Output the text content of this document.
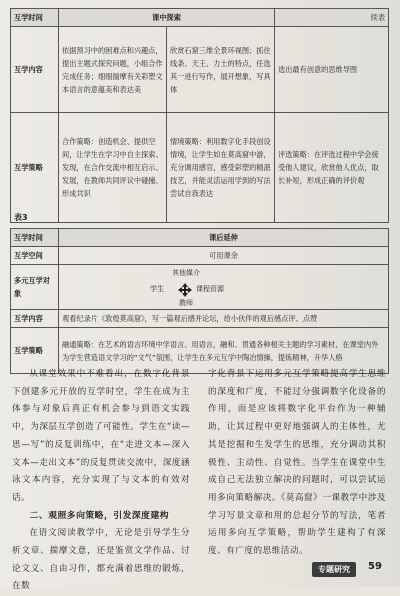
互学时间	课中探索		续表
互学内容	依据预习中的困难点和兴趣点，提出主题式探究问题，小组合作完成任务；细细揣摩有关彩塑文本语言的意蕴美和表达美	欣赏石窟三维全景环视图；抓住线条、天王、力士的特点，任选其一进行写作，展开想象，写具体	选出最有创意的思维导图
互学策略	合作策略：创造机会、提供空间，让学生在学习中自主探索、发现，在合作交流中相互启示、发展，在教师共同评议中碰撞、形成共识	情境策略：利用数字化手段创设情境，让学生如在莫高窟中游，充分调用感官，感受彩塑的精湛技艺，并能灵活运用学到的写法尝试自我表达	评选策略：在评选过程中学会接受他人建议，欣赏他人优点，取长补短，形成正确的评价观
表3
互学时间	课后延伸
互学空间	可用课余
多元互学对象	其他媒介
学生 课程资源
教师

互学内容	观看纪录片《敦煌莫高窟》，写一篇观后感并论坛，给小伙伴的观后感点评、点赞
互学策略	融通策略：在艺术的语言环境中学语言、用语言，融和、贯通各种相关主题的学习素材，在课堂内外为学生营造语文学习的“文气”氛围，让学生在多元互学中陶冶情操，提炼精神，升华人格

从课堂效果中不难看出，在数字化背景下创建多元开放的互学时空，学生在成为主体参与对象后真正有机会参与到语文实践中，为深层互学创造了可能性。学生在“读—思—写”的反复训练中，在“走进文本—深入文本—走出文本”的反复贯读交流中，深度涵泳文本内容，充分实现了与文本的有效对话。

二、观照多向策略，引发深度建构

在语文阅读教学中，无论是引导学生分析文章、揣摩文意，还是鉴赏文学作品、讨论文义、自由习作，都充满着思维的锻炼，在数

字化背景下运用多元互学策略提高学生思维的深度和广度，不能过分强调数字化设备的作用，而是应该将数字化平台作为一种辅助，让其过程中更好地强调人的主体性，尤其是挖掘和生发学生的思维，充分调动其积极性、主动性、自觉性。当学生在课堂中生成自己无法独立解决的问题时，可以尝试运用多向策略解决。《莫高窟》一课教学中涉及学习写景文章和用的总起分节的写法，笔者运用多向互学策略，帮助学生建构了有深度、有广度的思维活动。

专题研究	59
